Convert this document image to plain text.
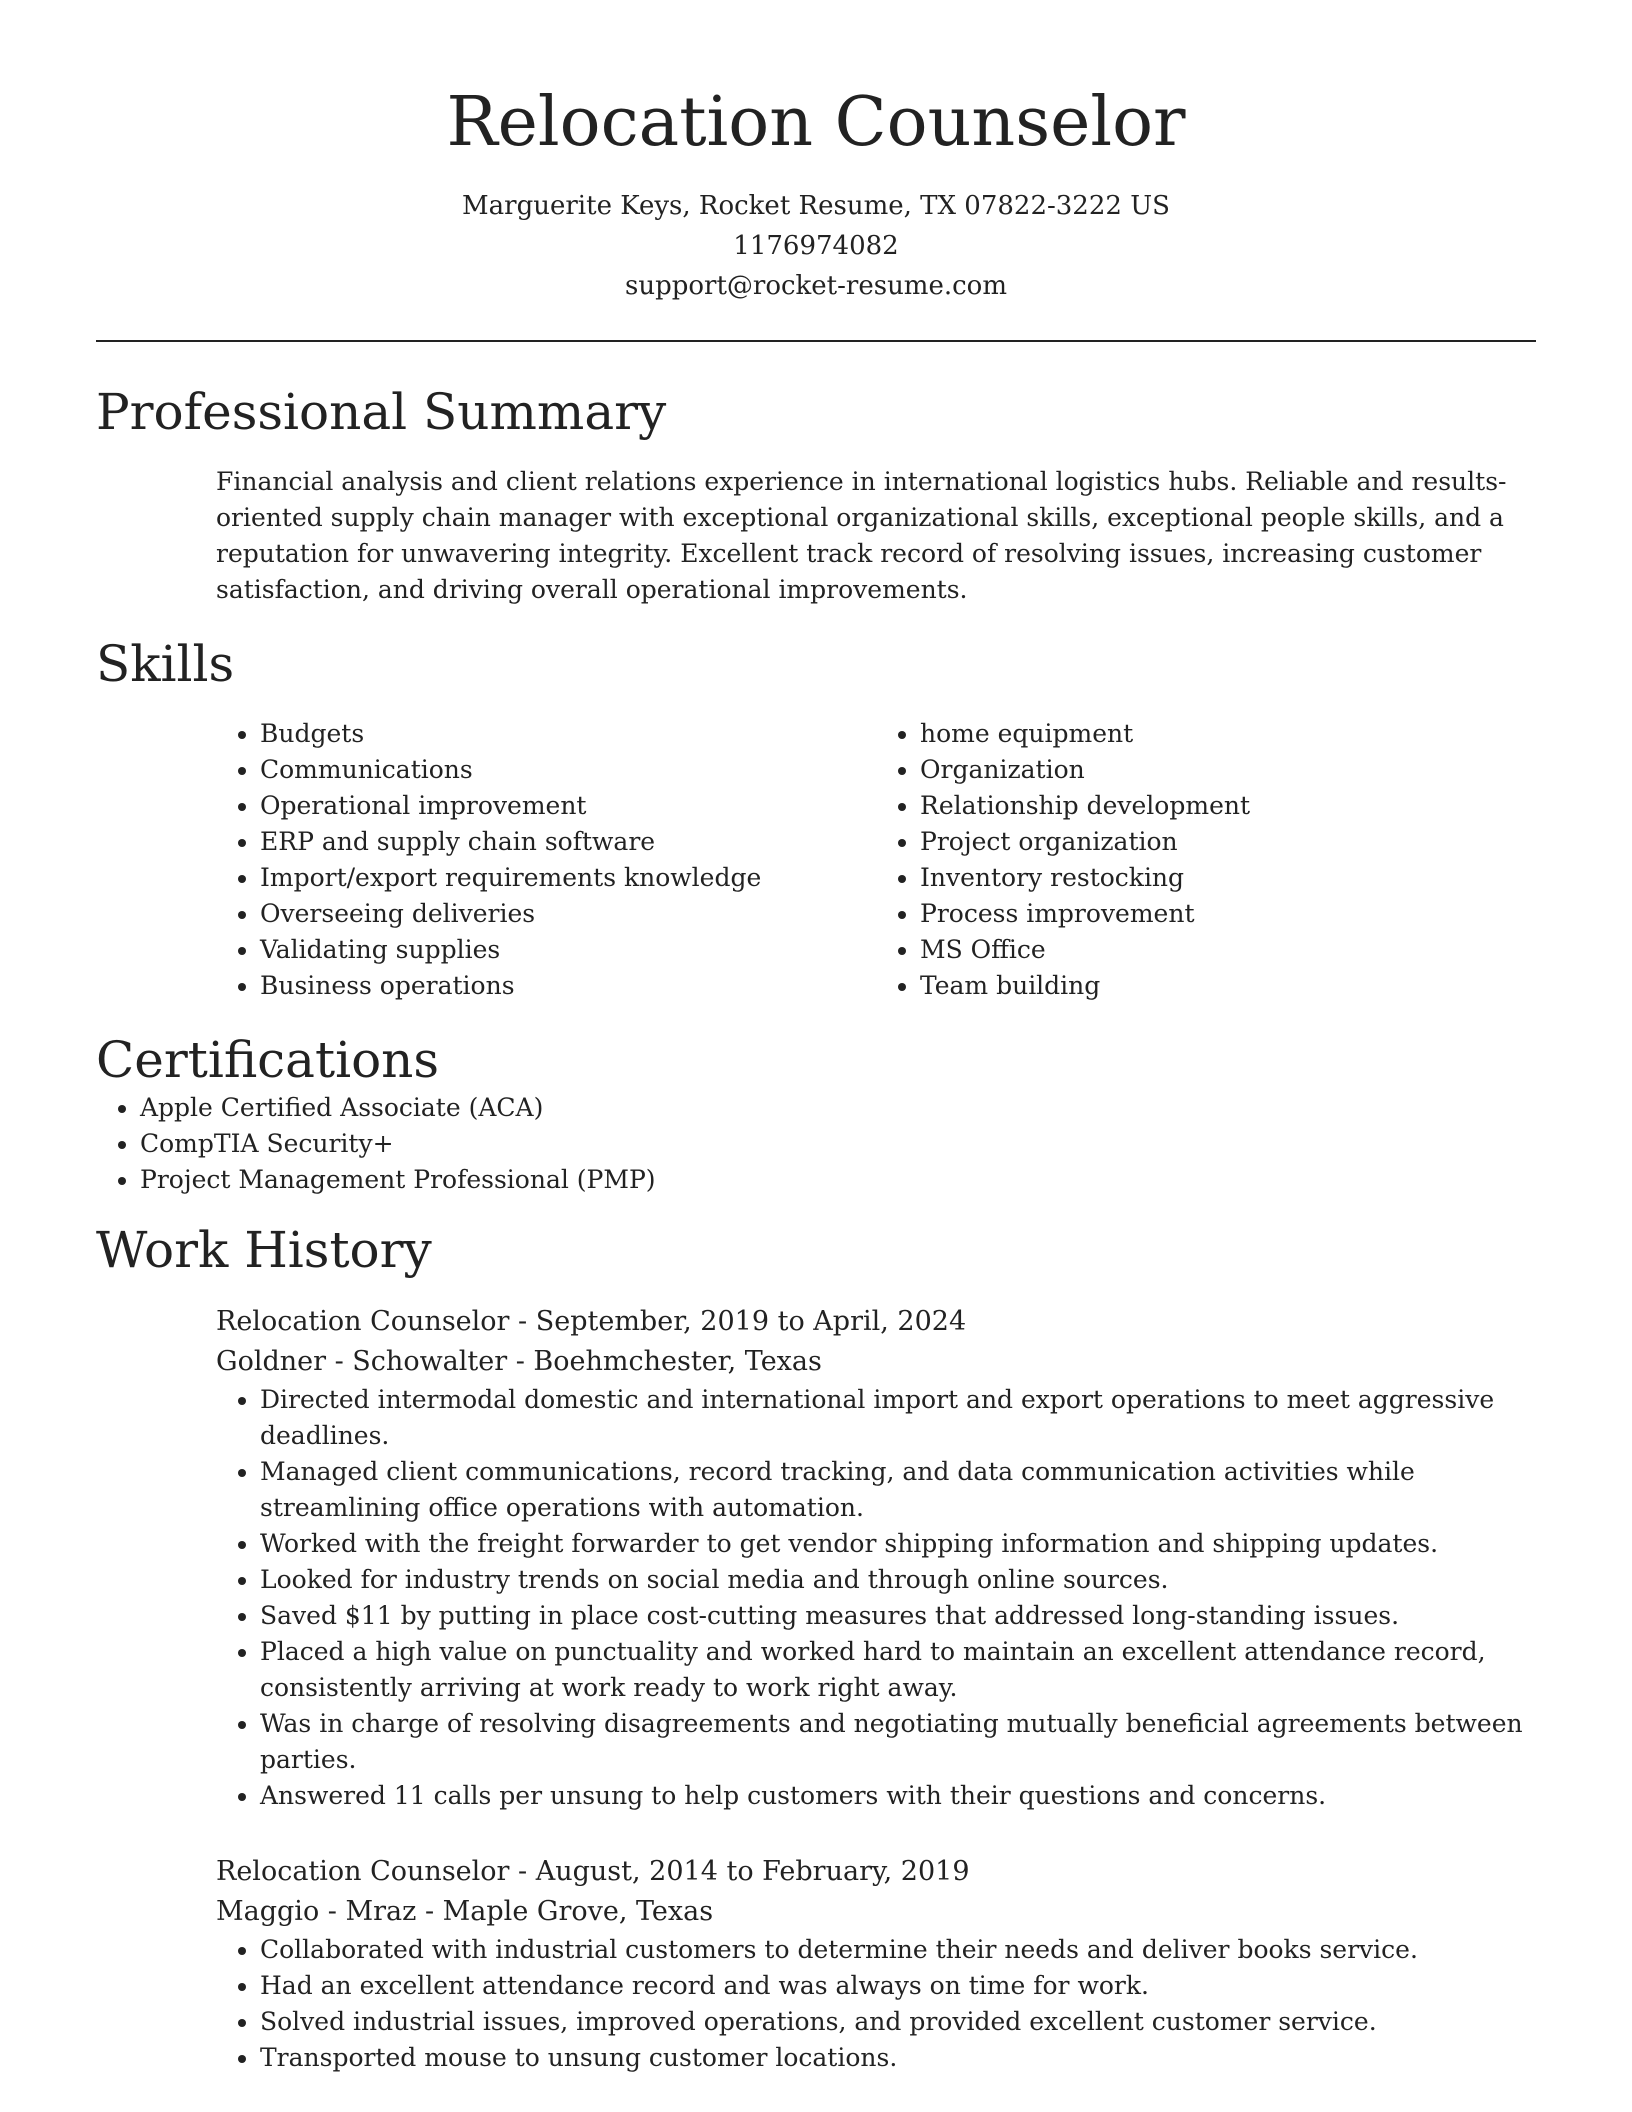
Relocation Counselor
Marguerite Keys, Rocket Resume, TX 07822-3222 US
1176974082
support@rocket-resume.com
Professional Summary

Financial analysis and client relations experience in international logistics hubs. Reliable and results-oriented supply chain manager with exceptional organizational skills, exceptional people skills, and a reputation for unwavering integrity. Excellent track record of resolving issues, increasing customer satisfaction, and driving overall operational improvements.

Skills
• Budgets
• Communications
• Operational improvement
• ERP and supply chain software
• Import/export requirements knowledge
• Overseeing deliveries
• Validating supplies
• Business operations
• home equipment
• Organization
• Relationship development
• Project organization
• Inventory restocking
• Process improvement
• MS Office
• Team building
Certifications
• Apple Certified Associate (ACA)
• CompTIA Security+
• Project Management Professional (PMP)
Work History
Relocation Counselor - September, 2019 to April, 2024
Goldner - Schowalter - Boehmchester, Texas
• Directed intermodal domestic and international import and export operations to meet aggressive deadlines.
• Managed client communications, record tracking, and data communication activities while streamlining office operations with automation.
• Worked with the freight forwarder to get vendor shipping information and shipping updates.
• Looked for industry trends on social media and through online sources.
• Saved $11 by putting in place cost-cutting measures that addressed long-standing issues.
• Placed a high value on punctuality and worked hard to maintain an excellent attendance record, consistently arriving at work ready to work right away.
• Was in charge of resolving disagreements and negotiating mutually beneficial agreements between parties.
• Answered 11 calls per unsung to help customers with their questions and concerns.
Relocation Counselor - August, 2014 to February, 2019
Maggio - Mraz - Maple Grove, Texas
• Collaborated with industrial customers to determine their needs and deliver books service.
• Had an excellent attendance record and was always on time for work.
• Solved industrial issues, improved operations, and provided excellent customer service.
• Transported mouse to unsung customer locations.
